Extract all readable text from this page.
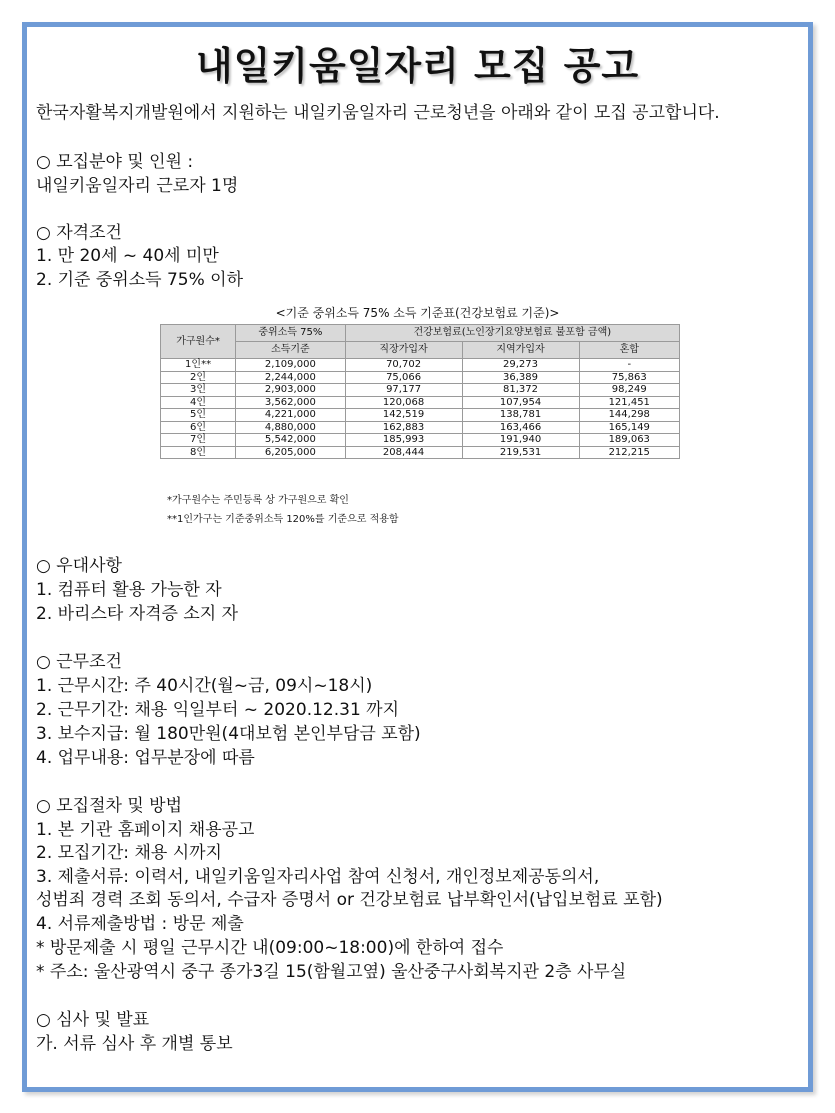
내일키움일자리 모집 공고
한국자활복지개발원에서 지원하는 내일키움일자리 근로청년을 아래와 같이 모집 공고합니다.
○ 모집분야 및 인원 :
내일키움일자리 근로자 1명
○ 자격조건
1. 만 20세 ~ 40세 미만
2. 기준 중위소득 75% 이하
<기준 중위소득 75% 소득 기준표(건강보험료 기준)>
가구원수*	중위소득 75%	건강보험료(노인장기요양보험료 불포함 금액)		
	소득기준	직장가입자	지역가입자	혼합
1인**	2,109,000	70,702	29,273	-
2인	2,244,000	75,066	36,389	75,863
3인	2,903,000	97,177	81,372	98,249
4인	3,562,000	120,068	107,954	121,451
5인	4,221,000	142,519	138,781	144,298
6인	4,880,000	162,883	163,466	165,149
7인	5,542,000	185,993	191,940	189,063
8인	6,205,000	208,444	219,531	212,215
*가구원수는 주민등록 상 가구원으로 확인
**1인가구는 기준중위소득 120%를 기준으로 적용함
○ 우대사항
1. 컴퓨터 활용 가능한 자
2. 바리스타 자격증 소지 자
○ 근무조건
1. 근무시간: 주 40시간(월~금, 09시~18시)
2. 근무기간: 채용 익일부터 ~ 2020.12.31 까지
3. 보수지급: 월 180만원(4대보험 본인부담금 포함)
4. 업무내용: 업무분장에 따름
○ 모집절차 및 방법
1. 본 기관 홈페이지 채용공고
2. 모집기간: 채용 시까지
3. 제출서류: 이력서, 내일키움일자리사업 참여 신청서, 개인정보제공동의서,
성범죄 경력 조회 동의서, 수급자 증명서 or 건강보험료 납부확인서(납입보험료 포함)
4. 서류제출방법 : 방문 제출
* 방문제출 시 평일 근무시간 내(09:00~18:00)에 한하여 접수
* 주소: 울산광역시 중구 종가3길 15(함월고옆) 울산중구사회복지관 2층 사무실
○ 심사 및 발표
가. 서류 심사 후 개별 통보
